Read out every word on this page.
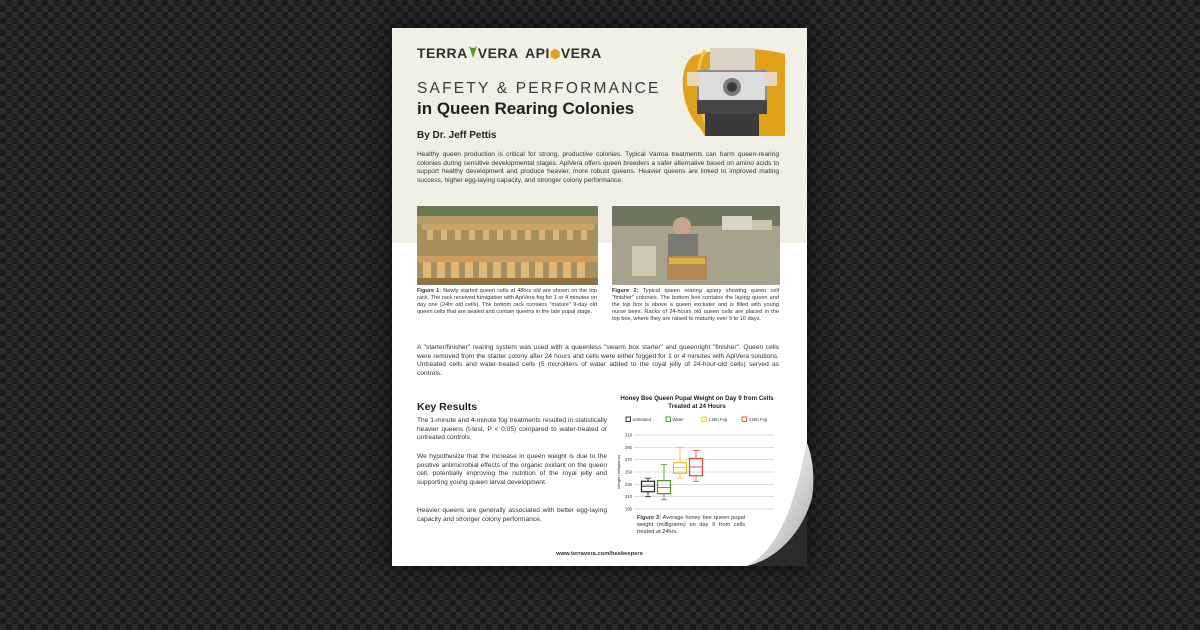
TERRA VERA API⬢VERA
SAFETY & PERFORMANCE
in Queen Rearing Colonies
By Dr. Jeff Pettis

Healthy queen production is critical for strong, productive colonies. Typical Varroa treatments can harm queen-rearing colonies during sensitive developmental stages. ApiVera offers queen breeders a safer alternative based on amino acids to support healthy development and produce heavier, more robust queens. Heavier queens are linked to improved mating success, higher egg-laying capacity, and stronger colony performance.

Figure 1: Newly started queen cells at 48hrs old are shown on the top rack. The rack received fumigation with ApiVera fog for 1 or 4 minutes on day one (24hr old cells). The bottom rack contains "mature" 9-day old queen cells that are sealed and contain queens in the late pupal stage.

Figure 2: Typical queen rearing apiary showing queen cell "finisher" colonies. The bottom box contains the laying queen and the top box is above a queen excluder and is filled with young nurse bees. Racks of 24-hours old queen cells are placed in the top box, where they are raised to maturity over 9 to 10 days.

A "starter/finisher" rearing system was used with a queenless "swarm box starter" and queenright "finisher". Queen cells were removed from the starter colony after 24 hours and cells were either fogged for 1 or 4 minutes with ApiVera solutions. Untreated cells and water-treated cells (5 microliters of water added to the royal jelly of 24-hour-old cells) served as controls.

Key Results

The 1-minute and 4-minute fog treatments resulted in statistically heavier queens (t-test, P < 0.05) compared to water-treated or untreated controls.

We hypothesize that the increase in queen weight is due to the positive antimicrobial effects of the organic oxidant on the queen cell, potentially improving the nutrition of the royal jelly and supporting young queen larval development.

Heavier queens are generally associated with better egg-laying capacity and stronger colony performance.

Honey Bee Queen Pupal Weight on Day 9 from Cells Treated at 24 Hours
Untreated	Water	1 Min Fog	4 Min Fog
190
210
230
250
270
290
310
Weight (milligrams)

Figure 3: Average honey bee queen pupal weight (milligrams) on day 9 from cells treated at 24hrs.

www.terravera.com/beekeepers
